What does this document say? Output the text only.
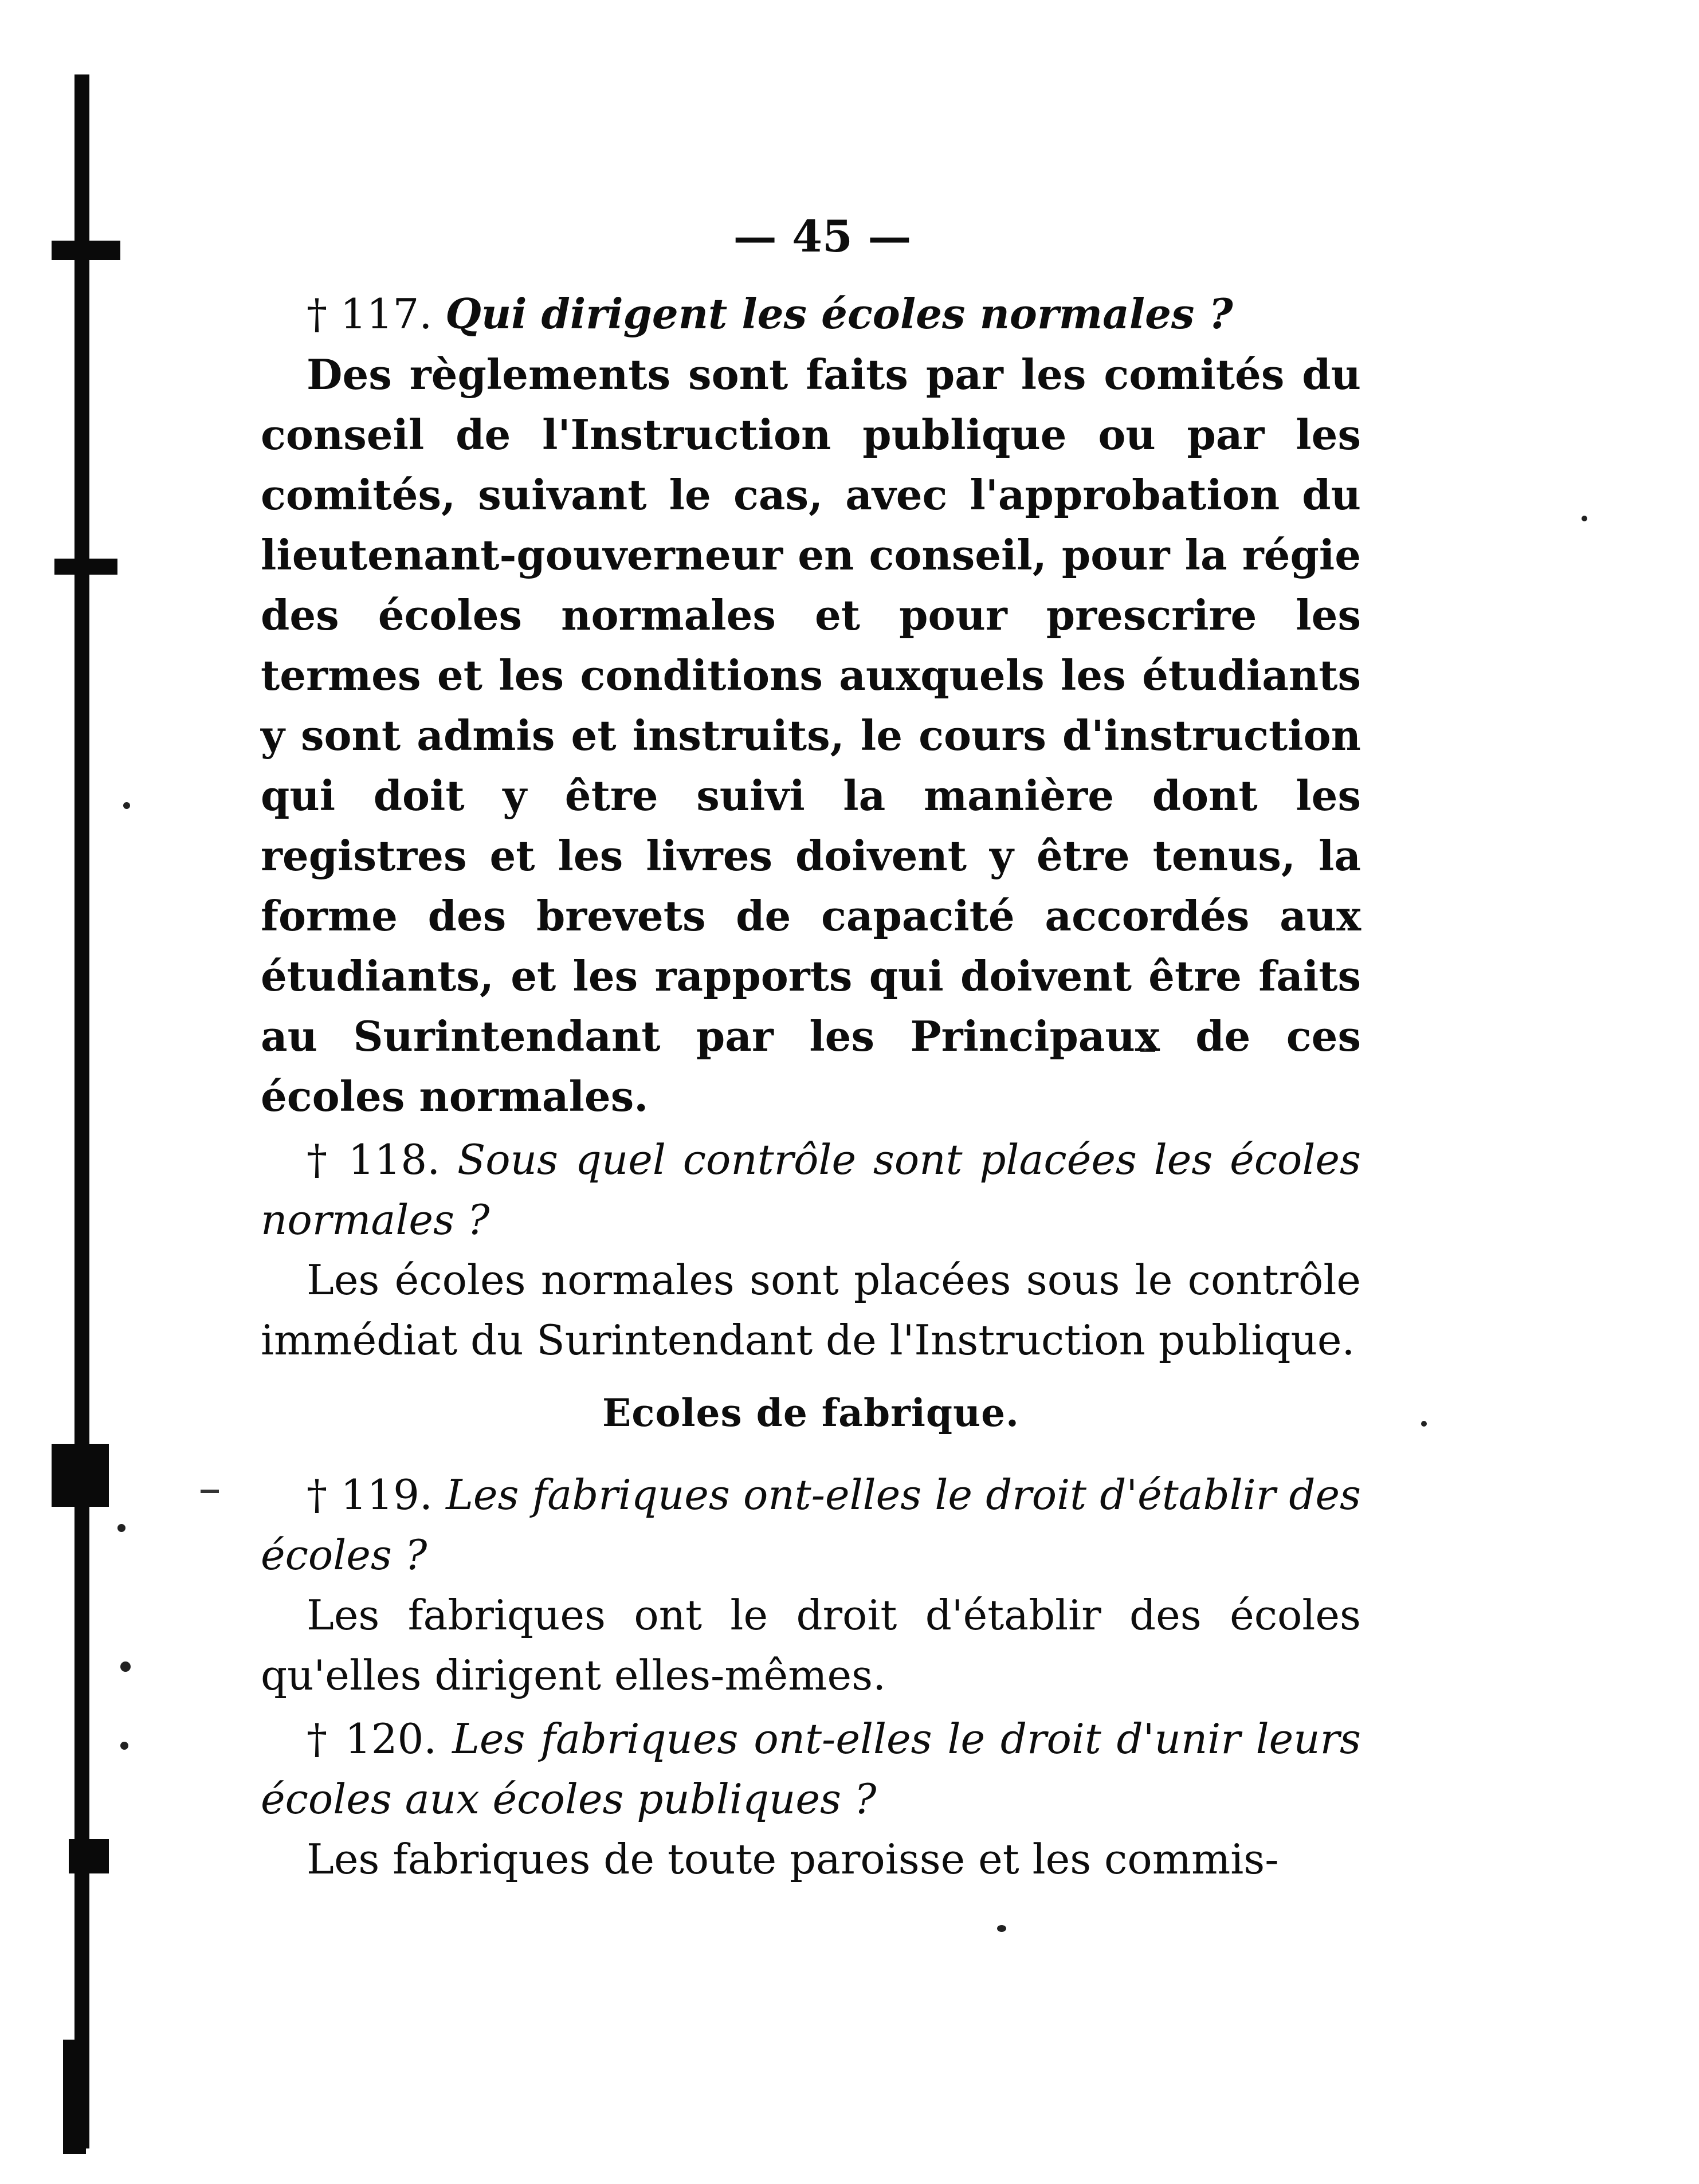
— 45 —

† 117. Qui dirigent les écoles normales ?

Des règlements sont faits par les comités du conseil de l'Instruction publique ou par les comités, suivant le cas, avec l'approbation du lieutenant-gouverneur en conseil, pour la régie des écoles normales et pour prescrire les termes et les conditions auxquels les étudiants y sont admis et instruits, le cours d'instruction qui doit y être suivi la manière dont les registres et les livres doivent y être tenus, la forme des brevets de capacité accordés aux étudiants, et les rapports qui doivent être faits au Surintendant par les Principaux de ces écoles normales.

† 118. Sous quel contrôle sont placées les écoles normales ?

Les écoles normales sont placées sous le contrôle immédiat du Surintendant de l'Instruction publique.

Ecoles de fabrique.

† 119. Les fabriques ont-elles le droit d'établir des écoles ?

Les fabriques ont le droit d'établir des écoles qu'elles dirigent elles-mêmes.

† 120. Les fabriques ont-elles le droit d'unir leurs écoles aux écoles publiques ?

Les fabriques de toute paroisse et les commis-
